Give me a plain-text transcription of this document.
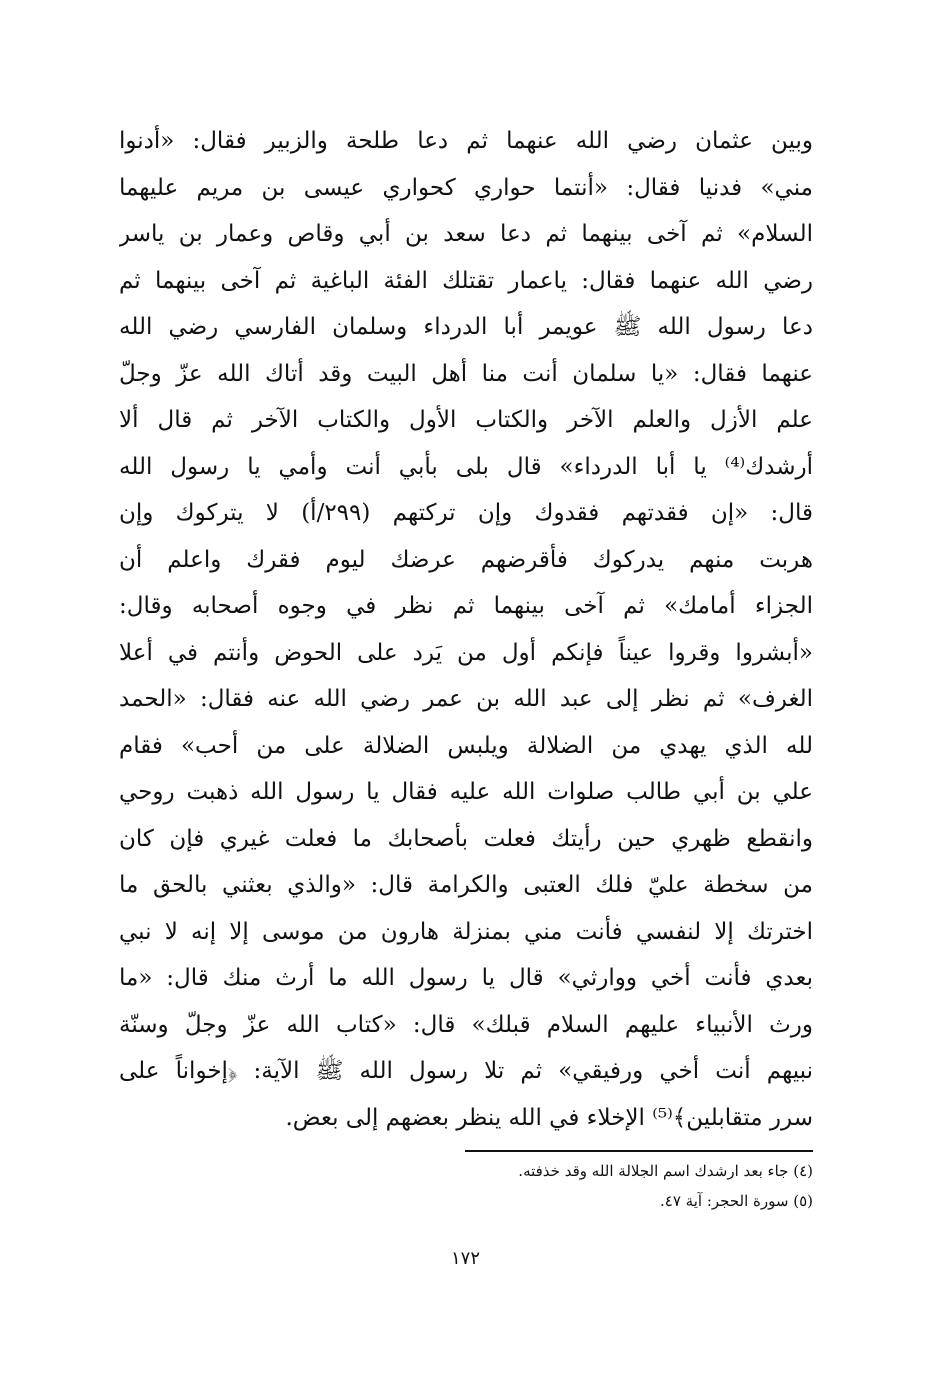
وبين عثمان رضي الله عنهما ثم دعا طلحة والزبير فقال: «أدنوا
مني» فدنيا فقال: «أنتما حواري كحواري عيسى بن مريم عليهما
السلام» ثم آخى بينهما ثم دعا سعد بن أبي وقاص وعمار بن ياسر
رضي الله عنهما فقال: ياعمار تقتلك الفئة الباغية ثم آخى بينهما ثم
دعا رسول الله ﷺ عويمر أبا الدرداء وسلمان الفارسي رضي الله
عنهما فقال: «يا سلمان أنت منا أهل البيت وقد أتاك الله عزّ وجلّ
علم الأزل والعلم الآخر والكتاب الأول والكتاب الآخر ثم قال ألا
أرشدك⁽⁴⁾ يا أبا الدرداء» قال بلى بأبي أنت وأمي يا رسول الله
قال: «إن فقدتهم فقدوك وإن تركتهم (٢٩٩/أ) لا يتركوك وإن
هربت منهم يدركوك فأقرضهم عرضك ليوم فقرك واعلم أن
الجزاء أمامك» ثم آخى بينهما ثم نظر في وجوه أصحابه وقال:
«أبشروا وقروا عيناً فإنكم أول من يَرد على الحوض وأنتم في أعلا
الغرف» ثم نظر إلى عبد الله بن عمر رضي الله عنه فقال: «الحمد
لله الذي يهدي من الضلالة ويلبس الضلالة على من أحب» فقام
علي بن أبي طالب صلوات الله عليه فقال يا رسول الله ذهبت روحي
وانقطع ظهري حين رأيتك فعلت بأصحابك ما فعلت غيري فإن كان
من سخطة عليّ فلك العتبى والكرامة قال: «والذي بعثني بالحق ما
اخترتك إلا لنفسي فأنت مني بمنزلة هارون من موسى إلا إنه لا نبي
بعدي فأنت أخي ووارثي» قال يا رسول الله ما أرث منك قال: «ما
ورث الأنبياء عليهم السلام قبلك» قال: «كتاب الله عزّ وجلّ وسنّة
نبيهم أنت أخي ورفيقي» ثم تلا رسول الله ﷺ الآية: ﴿إخواناً على
سرر متقابلين﴾⁽⁵⁾ الإخلاء في الله ينظر بعضهم إلى بعض.
(٤) جاء بعد ارشدك اسم الجلالة الله وقد خذفته.
(٥) سورة الحجر: آية ٤٧.
١٧٢
